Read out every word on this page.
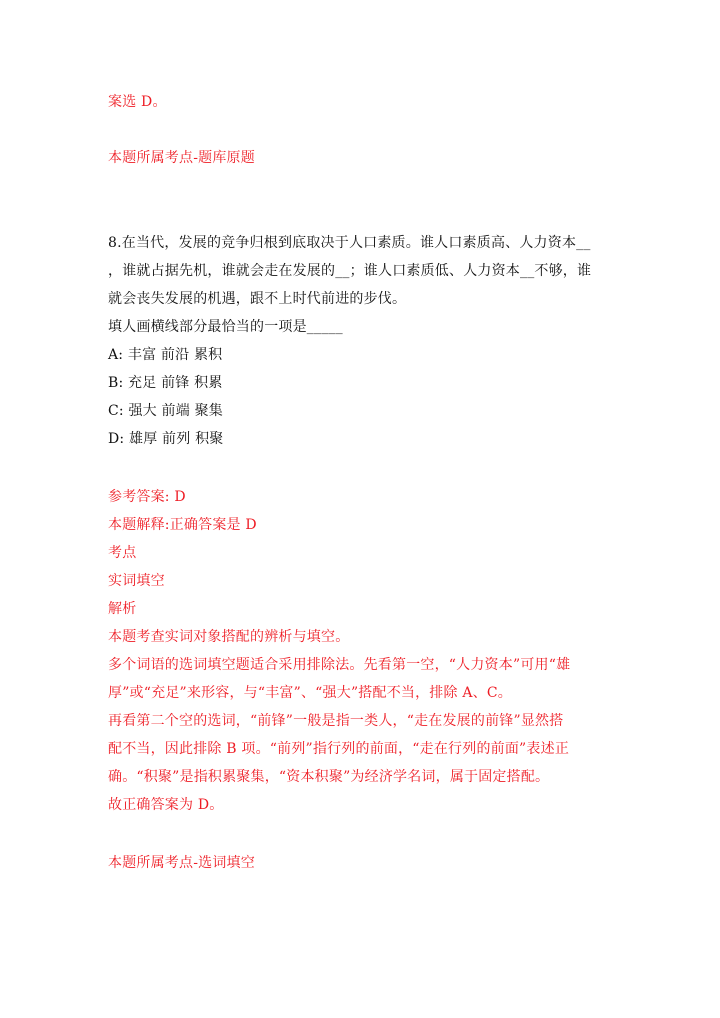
案选 D。
本题所属考点-题库原题
8.在当代，发展的竞争归根到底取决于人口素质。谁人口素质高、人力资本__
，谁就占据先机，谁就会走在发展的__；谁人口素质低、人力资本__不够，谁
就会丧失发展的机遇，跟不上时代前进的步伐。
填人画横线部分最恰当的一项是_____
A: 丰富 前沿 累积
B: 充足 前锋 积累
C: 强大 前端 聚集
D: 雄厚 前列 积聚
参考答案: D
本题解释:正确答案是 D
考点
实词填空
解析
本题考查实词对象搭配的辨析与填空。
多个词语的选词填空题适合采用排除法。先看第一空，“人力资本”可用“雄
厚”或“充足”来形容，与“丰富”、“强大”搭配不当，排除 A、C。
再看第二个空的选词，“前锋”一般是指一类人，“走在发展的前锋”显然搭
配不当，因此排除 B 项。“前列”指行列的前面，“走在行列的前面”表述正
确。“积聚”是指积累聚集，“资本积聚”为经济学名词，属于固定搭配。
故正确答案为 D。
本题所属考点-选词填空
